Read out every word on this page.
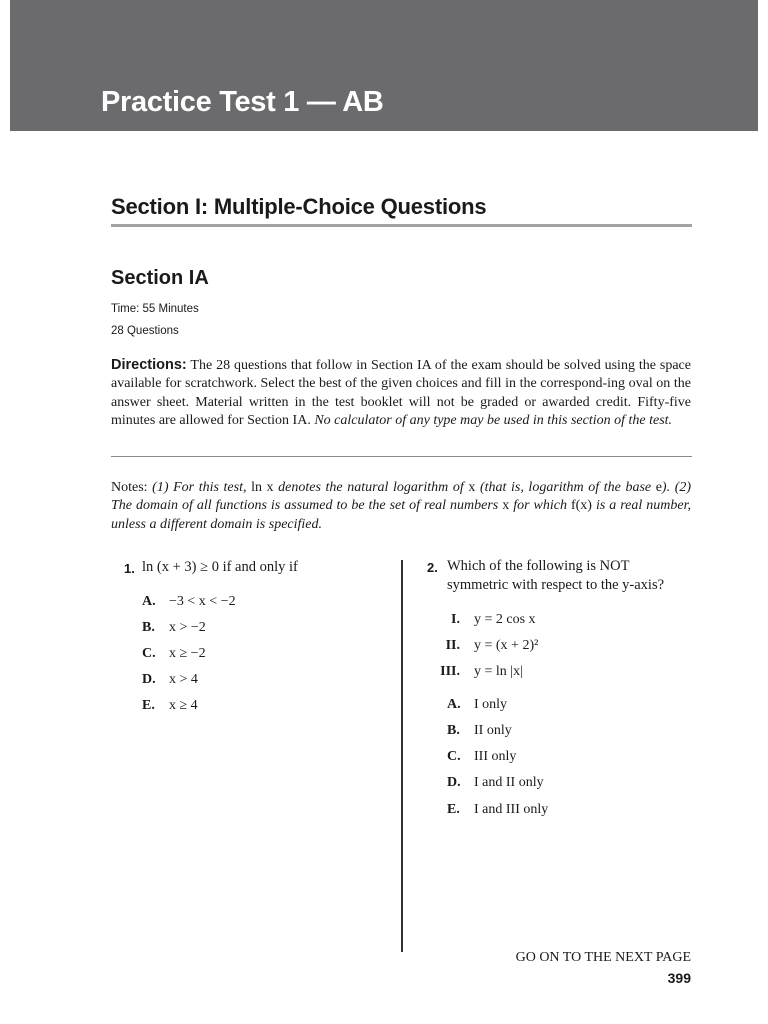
Practice Test 1 — AB
Section I: Multiple-Choice Questions
Section IA
Time: 55 Minutes
28 Questions
Directions: The 28 questions that follow in Section IA of the exam should be solved using the space available for scratchwork. Select the best of the given choices and fill in the correspond-ing oval on the answer sheet. Material written in the test booklet will not be graded or awarded credit. Fifty-five minutes are allowed for Section IA. No calculator of any type may be used in this section of the test.
Notes: (1) For this test, ln x denotes the natural logarithm of x (that is, logarithm of the base e). (2) The domain of all functions is assumed to be the set of real numbers x for which f(x) is a real number, unless a different domain is specified.
1. ln (x + 3) ≥ 0 if and only if
A. −3 < x < −2
B. x > −2
C. x ≥ −2
D. x > 4
E. x ≥ 4
2. Which of the following is NOT
symmetric with respect to the y-axis?
I. y = 2 cos x
II. y = (x + 2)²
III. y = ln |x|
A. I only
B. II only
C. III only
D. I and II only
E. I and III only
GO ON TO THE NEXT PAGE
399
